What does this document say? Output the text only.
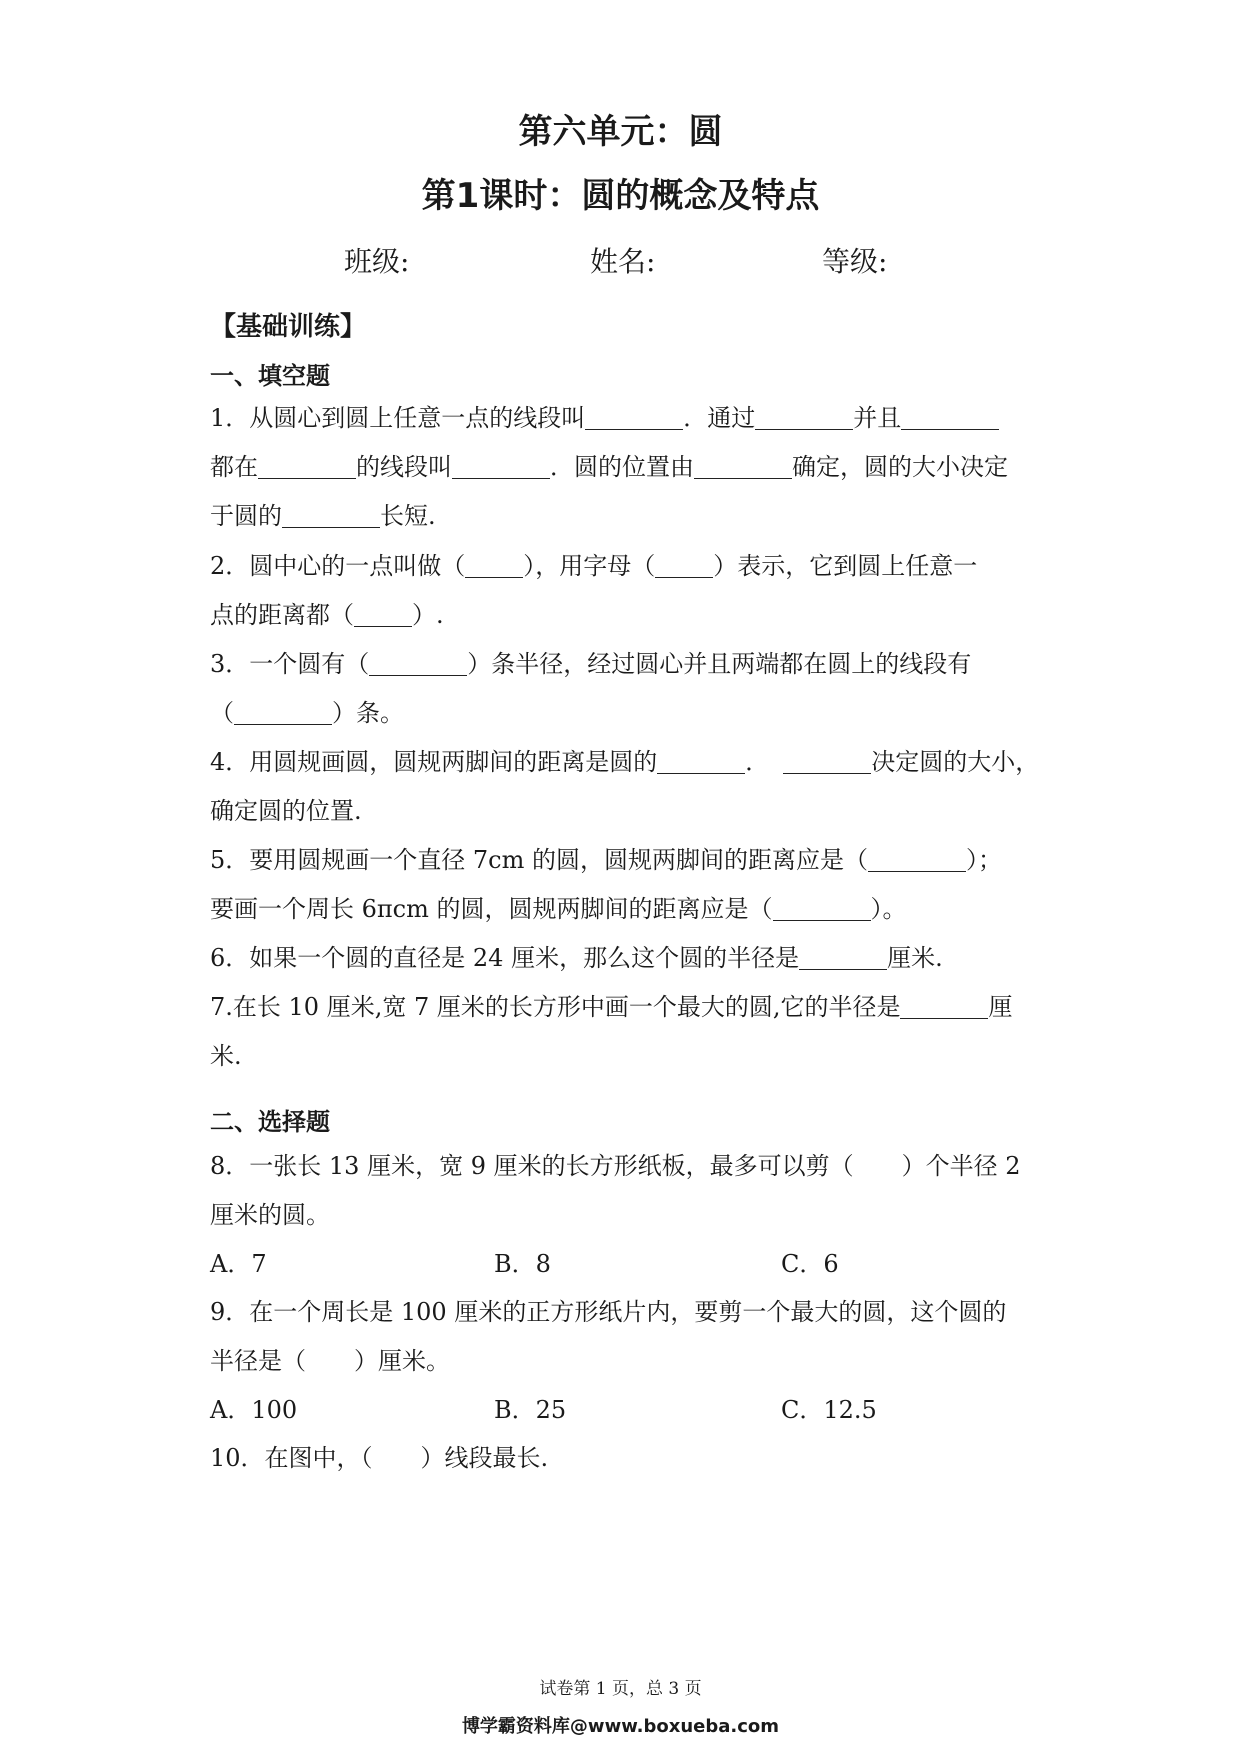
第六单元：圆
第1课时：圆的概念及特点
班级:	姓名:	等级:
【基础训练】
一、填空题
1．从圆心到圆上任意一点的线段叫	．通过	并且
都在	的线段叫	．圆的位置由	确定，圆的大小决定
于圆的	长短.
2．圆中心的一点叫做（ ），用字母（ ）表示，它到圆上任意一
点的距离都（ ）.
3．一个圆有（	）条半径，经过圆心并且两端都在圆上的线段有
（	）条。
4．用圆规画圆，圆规两脚间的距离是圆的	．	决定圆的大小，
确定圆的位置.
5．要用圆规画一个直径 7cm 的圆，圆规两脚间的距离应是（	）；
要画一个周长 6πcm 的圆，圆规两脚间的距离应是（	）。
6．如果一个圆的直径是 24 厘米，那么这个圆的半径是	厘米.
7.在长 10 厘米,宽 7 厘米的长方形中画一个最大的圆,它的半径是	厘
米.
二、选择题
8．一张长 13 厘米，宽 9 厘米的长方形纸板，最多可以剪（　　）个半径 2
厘米的圆。
A．7	B．8	C．6
9．在一个周长是 100 厘米的正方形纸片内，要剪一个最大的圆，这个圆的
半径是（　　）厘米。
A．100	B．25	C．12.5
10．在图中，（　　）线段最长.
试卷第 1 页，总 3 页
博学霸资料库@www.boxueba.com
